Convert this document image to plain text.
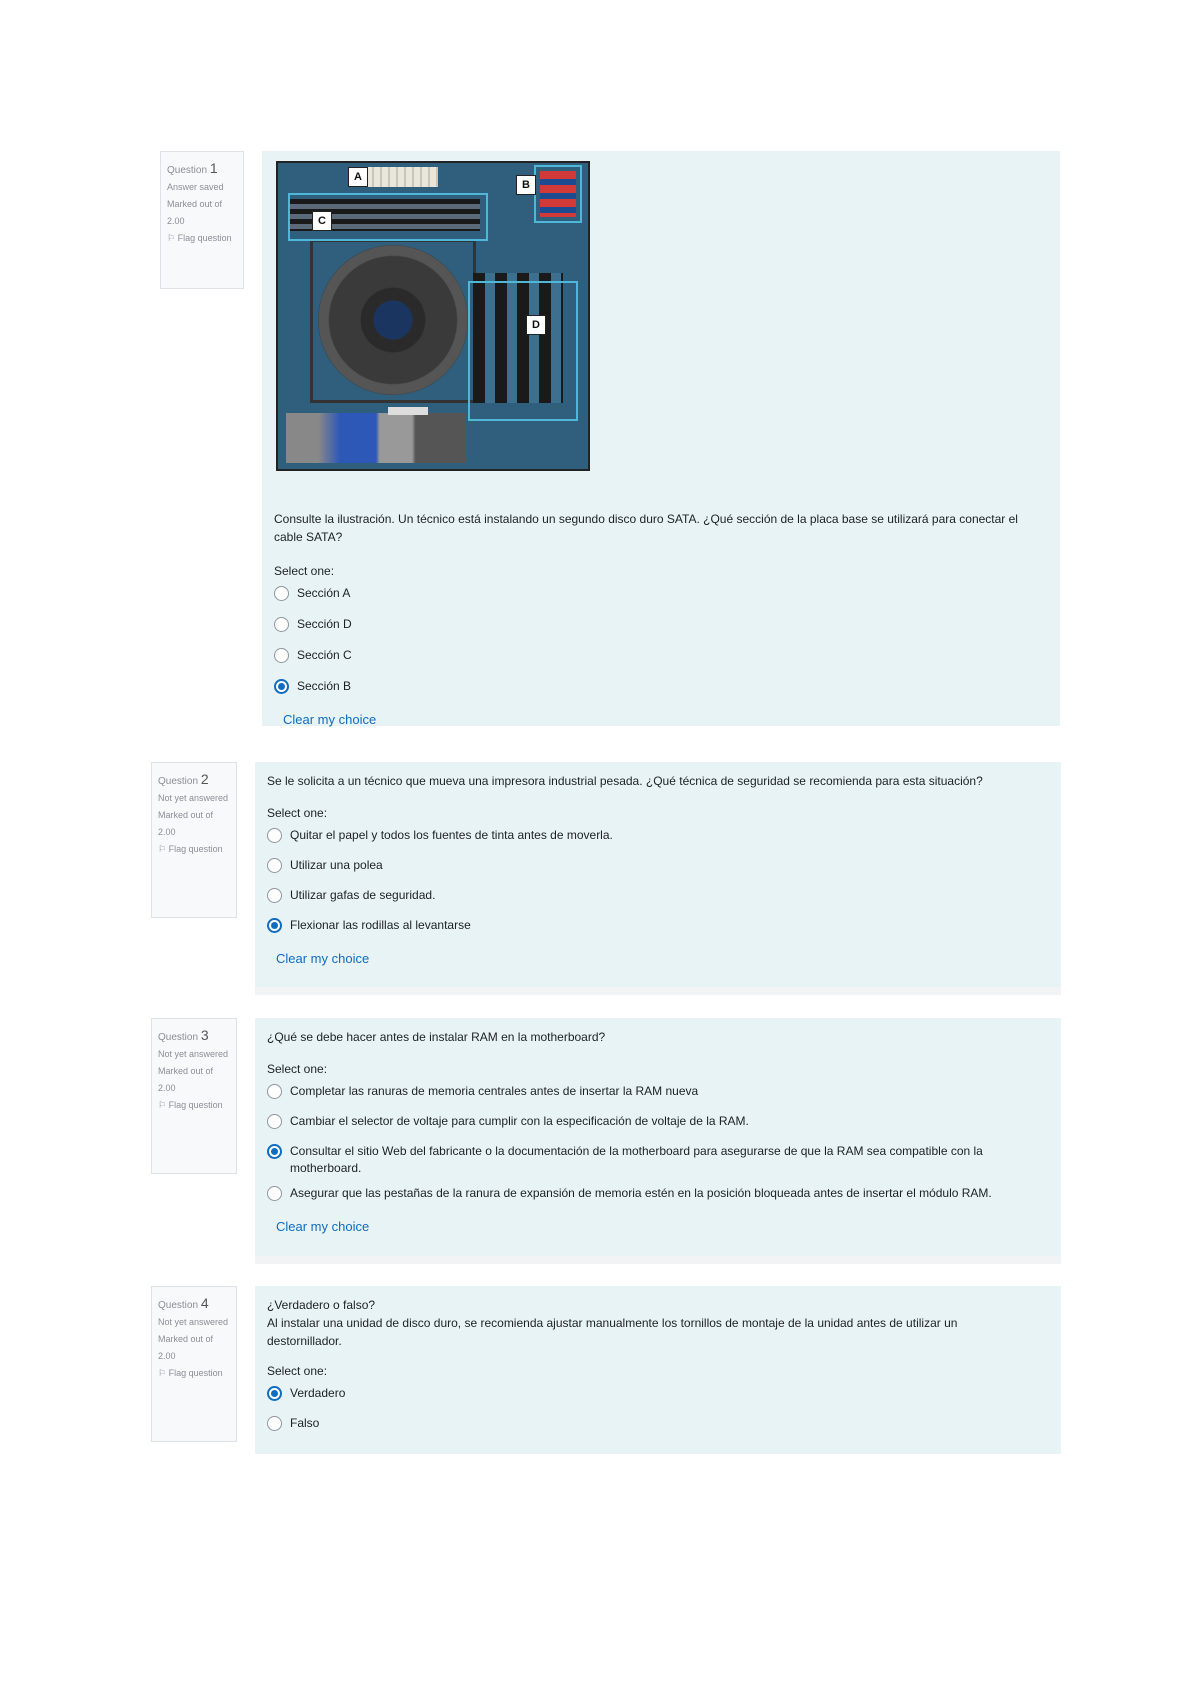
Question 1
Answer saved
Marked out of 2.00
⚐ Flag question
A
B
C
D
Consulte la ilustración. Un técnico está instalando un segundo disco duro SATA. ¿Qué sección de la placa base se utilizará para conectar el cable SATA?
Select one:
Sección A
Sección D
Sección C
Sección B
Clear my choice
Question 2
Not yet answered
Marked out of 2.00
⚐ Flag question
Se le solicita a un técnico que mueva una impresora industrial pesada. ¿Qué técnica de seguridad se recomienda para esta situación?
Select one:
Quitar el papel y todos los fuentes de tinta antes de moverla.
Utilizar una polea
Utilizar gafas de seguridad.
Flexionar las rodillas al levantarse
Clear my choice
Question 3
Not yet answered
Marked out of 2.00
⚐ Flag question
¿Qué se debe hacer antes de instalar RAM en la motherboard?
Select one:
Completar las ranuras de memoria centrales antes de insertar la RAM nueva
Cambiar el selector de voltaje para cumplir con la especificación de voltaje de la RAM.
Consultar el sitio Web del fabricante o la documentación de la motherboard para asegurarse de que la RAM sea compatible con la motherboard.
Asegurar que las pestañas de la ranura de expansión de memoria estén en la posición bloqueada antes de insertar el módulo RAM.
Clear my choice
Question 4
Not yet answered
Marked out of 2.00
⚐ Flag question
¿Verdadero o falso?
Al instalar una unidad de disco duro, se recomienda ajustar manualmente los tornillos de montaje de la unidad antes de utilizar un destornillador.
Select one:
Verdadero
Falso
